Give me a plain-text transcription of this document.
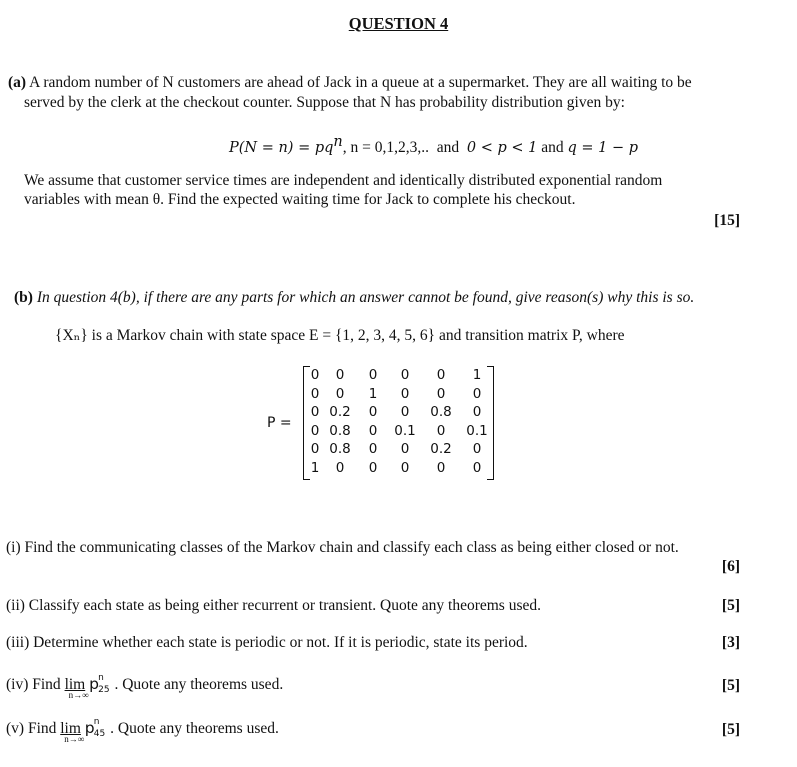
QUESTION 4
(a) A random number of N customers are ahead of Jack in a queue at a supermarket. They are all waiting to be
served by the clerk at the checkout counter. Suppose that N has probability distribution given by:
$P(N = n) = pq^n$, n = 0,1,2,3,.. and 0 < p < 1 and q = 1 − p
We assume that customer service times are independent and identically distributed exponential random
variables with mean θ. Find the expected waiting time for Jack to complete his checkout.
[15]
(b) In question 4(b), if there are any parts for which an answer cannot be found, give reason(s) why this is so.
{Xₙ} is a Markov chain with state space E = {1, 2, 3, 4, 5, 6} and transition matrix P, where
P =
0	0	0	0	0	1
0	0	1	0	0	0
0	0.2	0	0	0.8	0
0	0.8	0	0.1	0	0.1
0	0.8	0	0	0.2	0
1	0	0	0	0	0
(i) Find the communicating classes of the Markov chain and classify each class as being either closed or not.
[6]
(ii) Classify each state as being either recurrent or transient. Quote any theorems used.	[5]
(iii) Determine whether each state is periodic or not. If it is periodic, state its period.	[3]
(iv) Find lim
n→∞
p n
25 . Quote any theorems used.	[5]
(v) Find lim
n→∞
p n
45 . Quote any theorems used.	[5]
